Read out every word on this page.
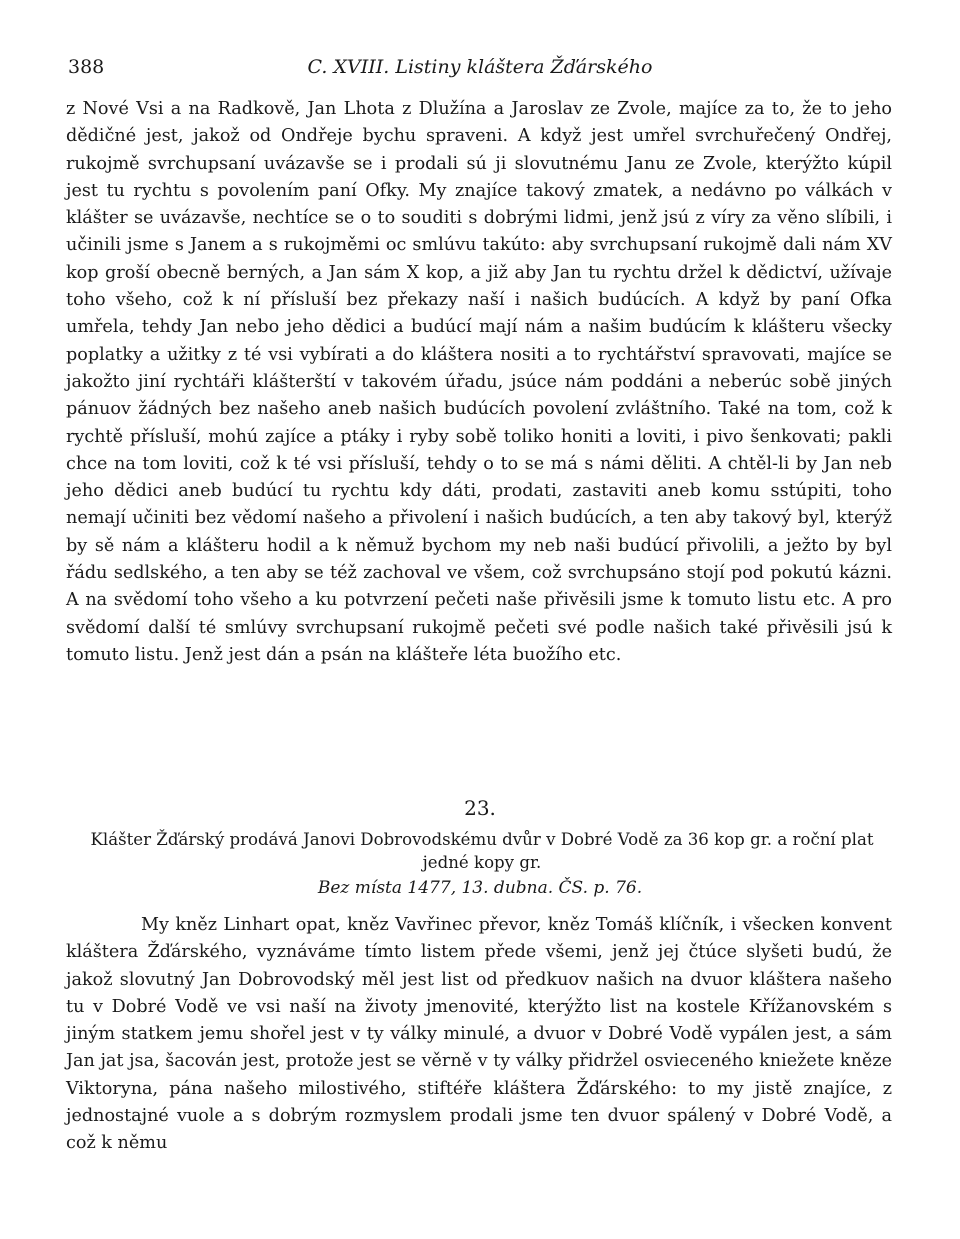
388	C. XVIII. Listiny kláštera Žďárského

z Nové Vsi a na Radkově, Jan Lhota z Dlužína a Jaroslav ze Zvole, majíce za to, že to jeho dědičné jest, jakož od Ondřeje bychu spraveni. A když jest umřel svrchuřečený Ondřej, rukojmě svrchupsaní uvázavše se i prodali sú ji slovutnému Janu ze Zvole, kterýžto kúpil jest tu rychtu s povolením paní Ofky. My znajíce takový zmatek, a nedávno po válkách v klášter se uvázavše, nechtíce se o to souditi s dobrými lidmi, jenž jsú z víry za věno slíbili, i učinili jsme s Janem a s rukojměmi oc smlúvu takúto: aby svrchupsaní rukojmě dali nám XV kop groší obecně berných, a Jan sám X kop, a již aby Jan tu rychtu držel k dědictví, užívaje toho všeho, což k ní přísluší bez překazy naší i našich budúcích. A když by paní Ofka umřela, tehdy Jan nebo jeho dědici a budúcí mají nám a našim budúcím k klášteru všecky poplatky a užitky z té vsi vybírati a do kláštera nositi a to rychtářství spravovati, majíce se jakožto jiní rychtáři klášterští v takovém úřadu, jsúce nám poddáni a neberúc sobě jiných pánuov žádných bez našeho aneb našich budúcích povolení zvláštního. Také na tom, což k rychtě přísluší, mohú zajíce a ptáky i ryby sobě toliko honiti a loviti, i pivo šenkovati; pakli chce na tom loviti, což k té vsi přísluší, tehdy o to se má s námi děliti. A chtěl-li by Jan neb jeho dědici aneb budúcí tu rychtu kdy dáti, prodati, zastaviti aneb komu sstúpiti, toho nemají učiniti bez vědomí našeho a přivolení i našich budúcích, a ten aby takový byl, kterýž by sě nám a klášteru hodil a k němuž bychom my neb naši budúcí přivolili, a ježto by byl řádu sedlského, a ten aby se též zachoval ve všem, což svrchupsáno stojí pod pokutú kázni. A na svědomí toho všeho a ku potvrzení pečeti naše přivěsili jsme k tomuto listu etc. A pro svědomí další té smlúvy svrchupsaní rukojmě pečeti své podle našich také přivěsili jsú k tomuto listu. Jenž jest dán a psán na klášteře léta buožího etc.

23.

Klášter Žďárský prodává Janovi Dobrovodskému dvůr v Dobré Vodě za 36 kop gr. a roční plat jedné kopy gr.

Bez místa 1477, 13. dubna. ČS. p. 76.

My kněz Linhart opat, kněz Vavřinec převor, kněz Tomáš klíčník, i všecken konvent kláštera Žďárského, vyznáváme tímto listem přede všemi, jenž jej čtúce slyšeti budú, že jakož slovutný Jan Dobrovodský měl jest list od předkuov našich na dvuor kláštera našeho tu v Dobré Vodě ve vsi naší na životy jmenovité, kterýžto list na kostele Křížanovském s jiným statkem jemu shořel jest v ty války minulé, a dvuor v Dobré Vodě vypálen jest, a sám Jan jat jsa, šacován jest, protože jest se věrně v ty války přidržel osvieceného kniežete kněze Viktoryna, pána našeho milostivého, stiftéře kláštera Žďárského: to my jistě znajíce, z jednostajné vuole a s dobrým rozmyslem prodali jsme ten dvuor spálený v Dobré Vodě, a což k němu
